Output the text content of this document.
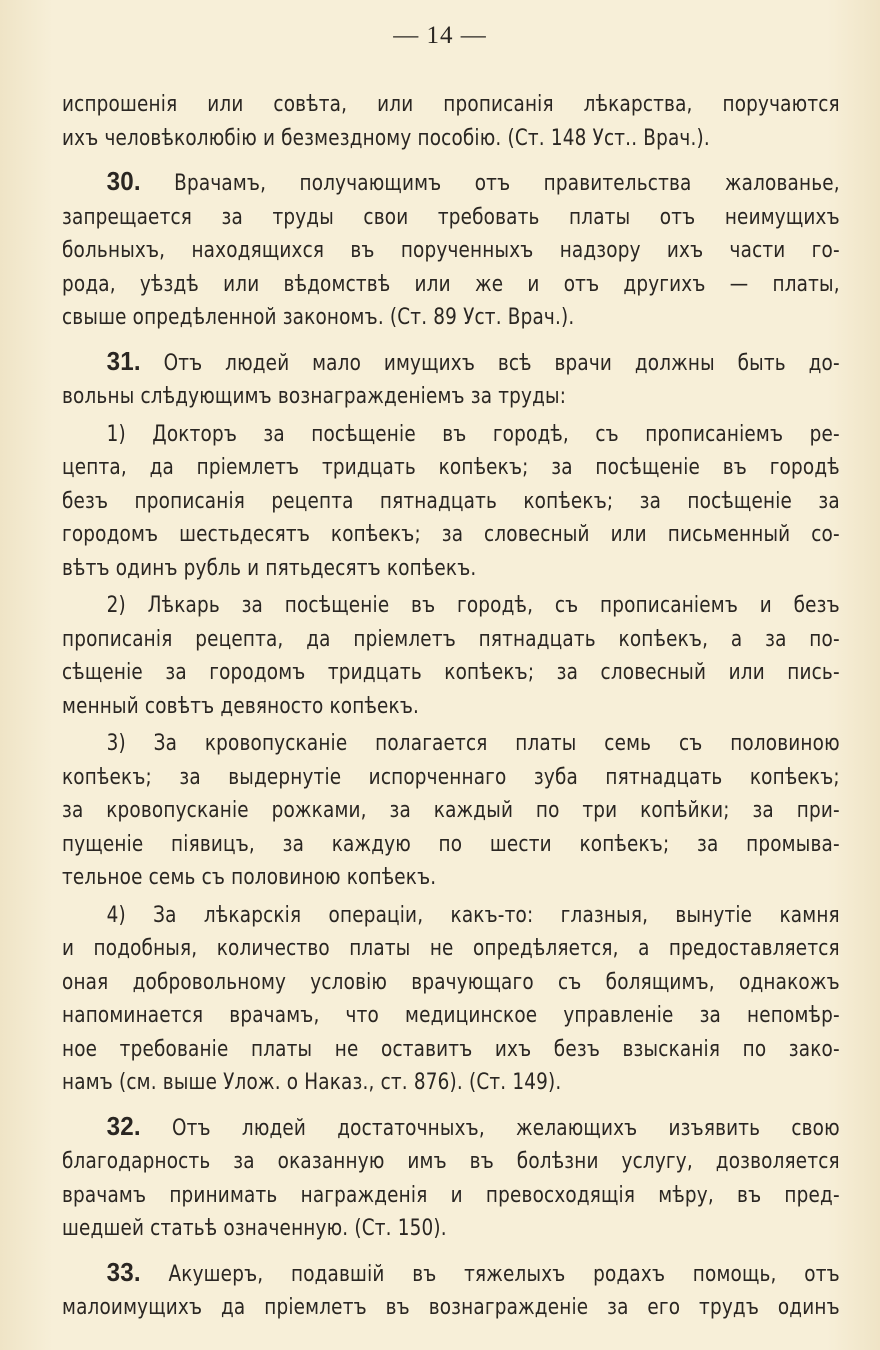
— 14 —
испрошенія или совѣта, или прописанія лѣкарства, поручаются
ихъ человѣколюбію и безмездному пособію. (Ст. 148 Уст.. Врач.).
30. Врачамъ, получающимъ отъ правительства жалованье,
запрещается за труды свои требовать платы отъ неимущихъ
больныхъ, находящихся въ порученныхъ надзору ихъ части го-
рода, уѣздѣ или вѣдомствѣ или же и отъ другихъ — платы,
свыше опредѣленной закономъ. (Ст. 89 Уст. Врач.).
31. Отъ людей мало имущихъ всѣ врачи должны быть до-
вольны слѣдующимъ вознагражденіемъ за труды:
1) Докторъ за посѣщеніе въ городѣ, съ прописаніемъ ре-
цепта, да пріемлетъ тридцать копѣекъ; за посѣщеніе въ городѣ
безъ прописанія рецепта пятнадцать копѣекъ; за посѣщеніе за
городомъ шестьдесятъ копѣекъ; за словесный или письменный со-
вѣтъ одинъ рубль и пятьдесятъ копѣекъ.
2) Лѣкарь за посѣщеніе въ городѣ, съ прописаніемъ и безъ
прописанія рецепта, да пріемлетъ пятнадцать копѣекъ, а за по-
сѣщеніе за городомъ тридцать копѣекъ; за словесный или пись-
менный совѣтъ девяносто копѣекъ.
3) За кровопусканіе полагается платы семь съ половиною
копѣекъ; за выдернутіе испорченнаго зуба пятнадцать копѣекъ;
за кровопусканіе рожками, за каждый по три копѣйки; за при-
пущеніе піявицъ, за каждую по шести копѣекъ; за промыва-
тельное семь съ половиною копѣекъ.
4) За лѣкарскія операціи, какъ-то: глазныя, вынутіе камня
и подобныя, количество платы не опредѣляется, а предоставляется
оная добровольному условію врачующаго съ болящимъ, однакожъ
напоминается врачамъ, что медицинское управленіе за непомѣр-
ное требованіе платы не оставитъ ихъ безъ взысканія по зако-
намъ (см. выше Улож. о Наказ., ст. 876). (Ст. 149).
32. Отъ людей достаточныхъ, желающихъ изъявить свою
благодарность за оказанную имъ въ болѣзни услугу, дозволяется
врачамъ принимать награжденія и превосходящія мѣру, въ пред-
шедшей статьѣ означенную. (Ст. 150).
33. Акушеръ, подавшій въ тяжелыхъ родахъ помощь, отъ
малоимущихъ да пріемлетъ въ вознагражденіе за его трудъ одинъ
